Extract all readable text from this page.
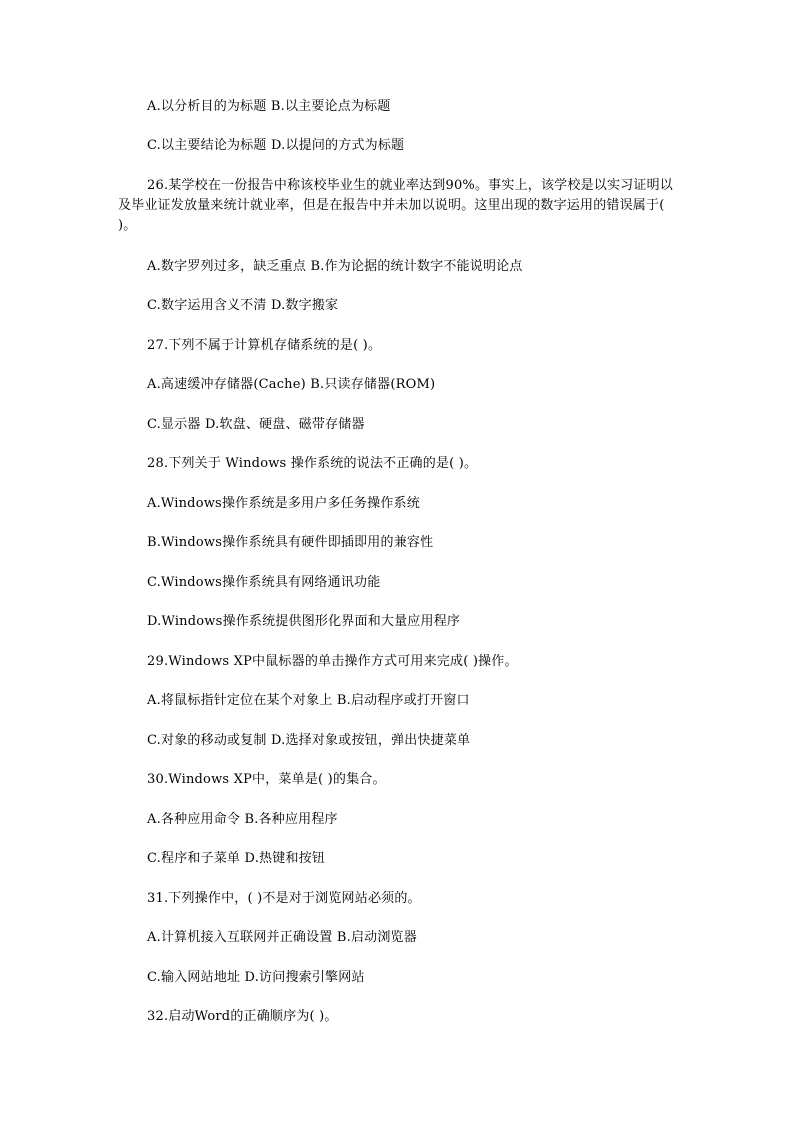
A.以分析目的为标题 B.以主要论点为标题
C.以主要结论为标题 D.以提问的方式为标题
26.某学校在一份报告中称该校毕业生的就业率达到90%。事实上，该学校是以实习证明以及毕业证发放量来统计就业率，但是在报告中并未加以说明。这里出现的数字运用的错误属于( )。
A.数字罗列过多，缺乏重点 B.作为论据的统计数字不能说明论点
C.数字运用含义不清 D.数字搬家
27.下列不属于计算机存储系统的是( )。
A.高速缓冲存储器(Cache) B.只读存储器(ROM)
C.显示器 D.软盘、硬盘、磁带存储器
28.下列关于 Windows 操作系统的说法不正确的是( )。
A.Windows操作系统是多用户多任务操作系统
B.Windows操作系统具有硬件即插即用的兼容性
C.Windows操作系统具有网络通讯功能
D.Windows操作系统提供图形化界面和大量应用程序
29.Windows XP中鼠标器的单击操作方式可用来完成( )操作。
A.将鼠标指针定位在某个对象上 B.启动程序或打开窗口
C.对象的移动或复制 D.选择对象或按钮，弹出快捷菜单
30.Windows XP中，菜单是( )的集合。
A.各种应用命令 B.各种应用程序
C.程序和子菜单 D.热键和按钮
31.下列操作中，( )不是对于浏览网站必须的。
A.计算机接入互联网并正确设置 B.启动浏览器
C.输入网站地址 D.访问搜索引擎网站
32.启动Word的正确顺序为( )。
